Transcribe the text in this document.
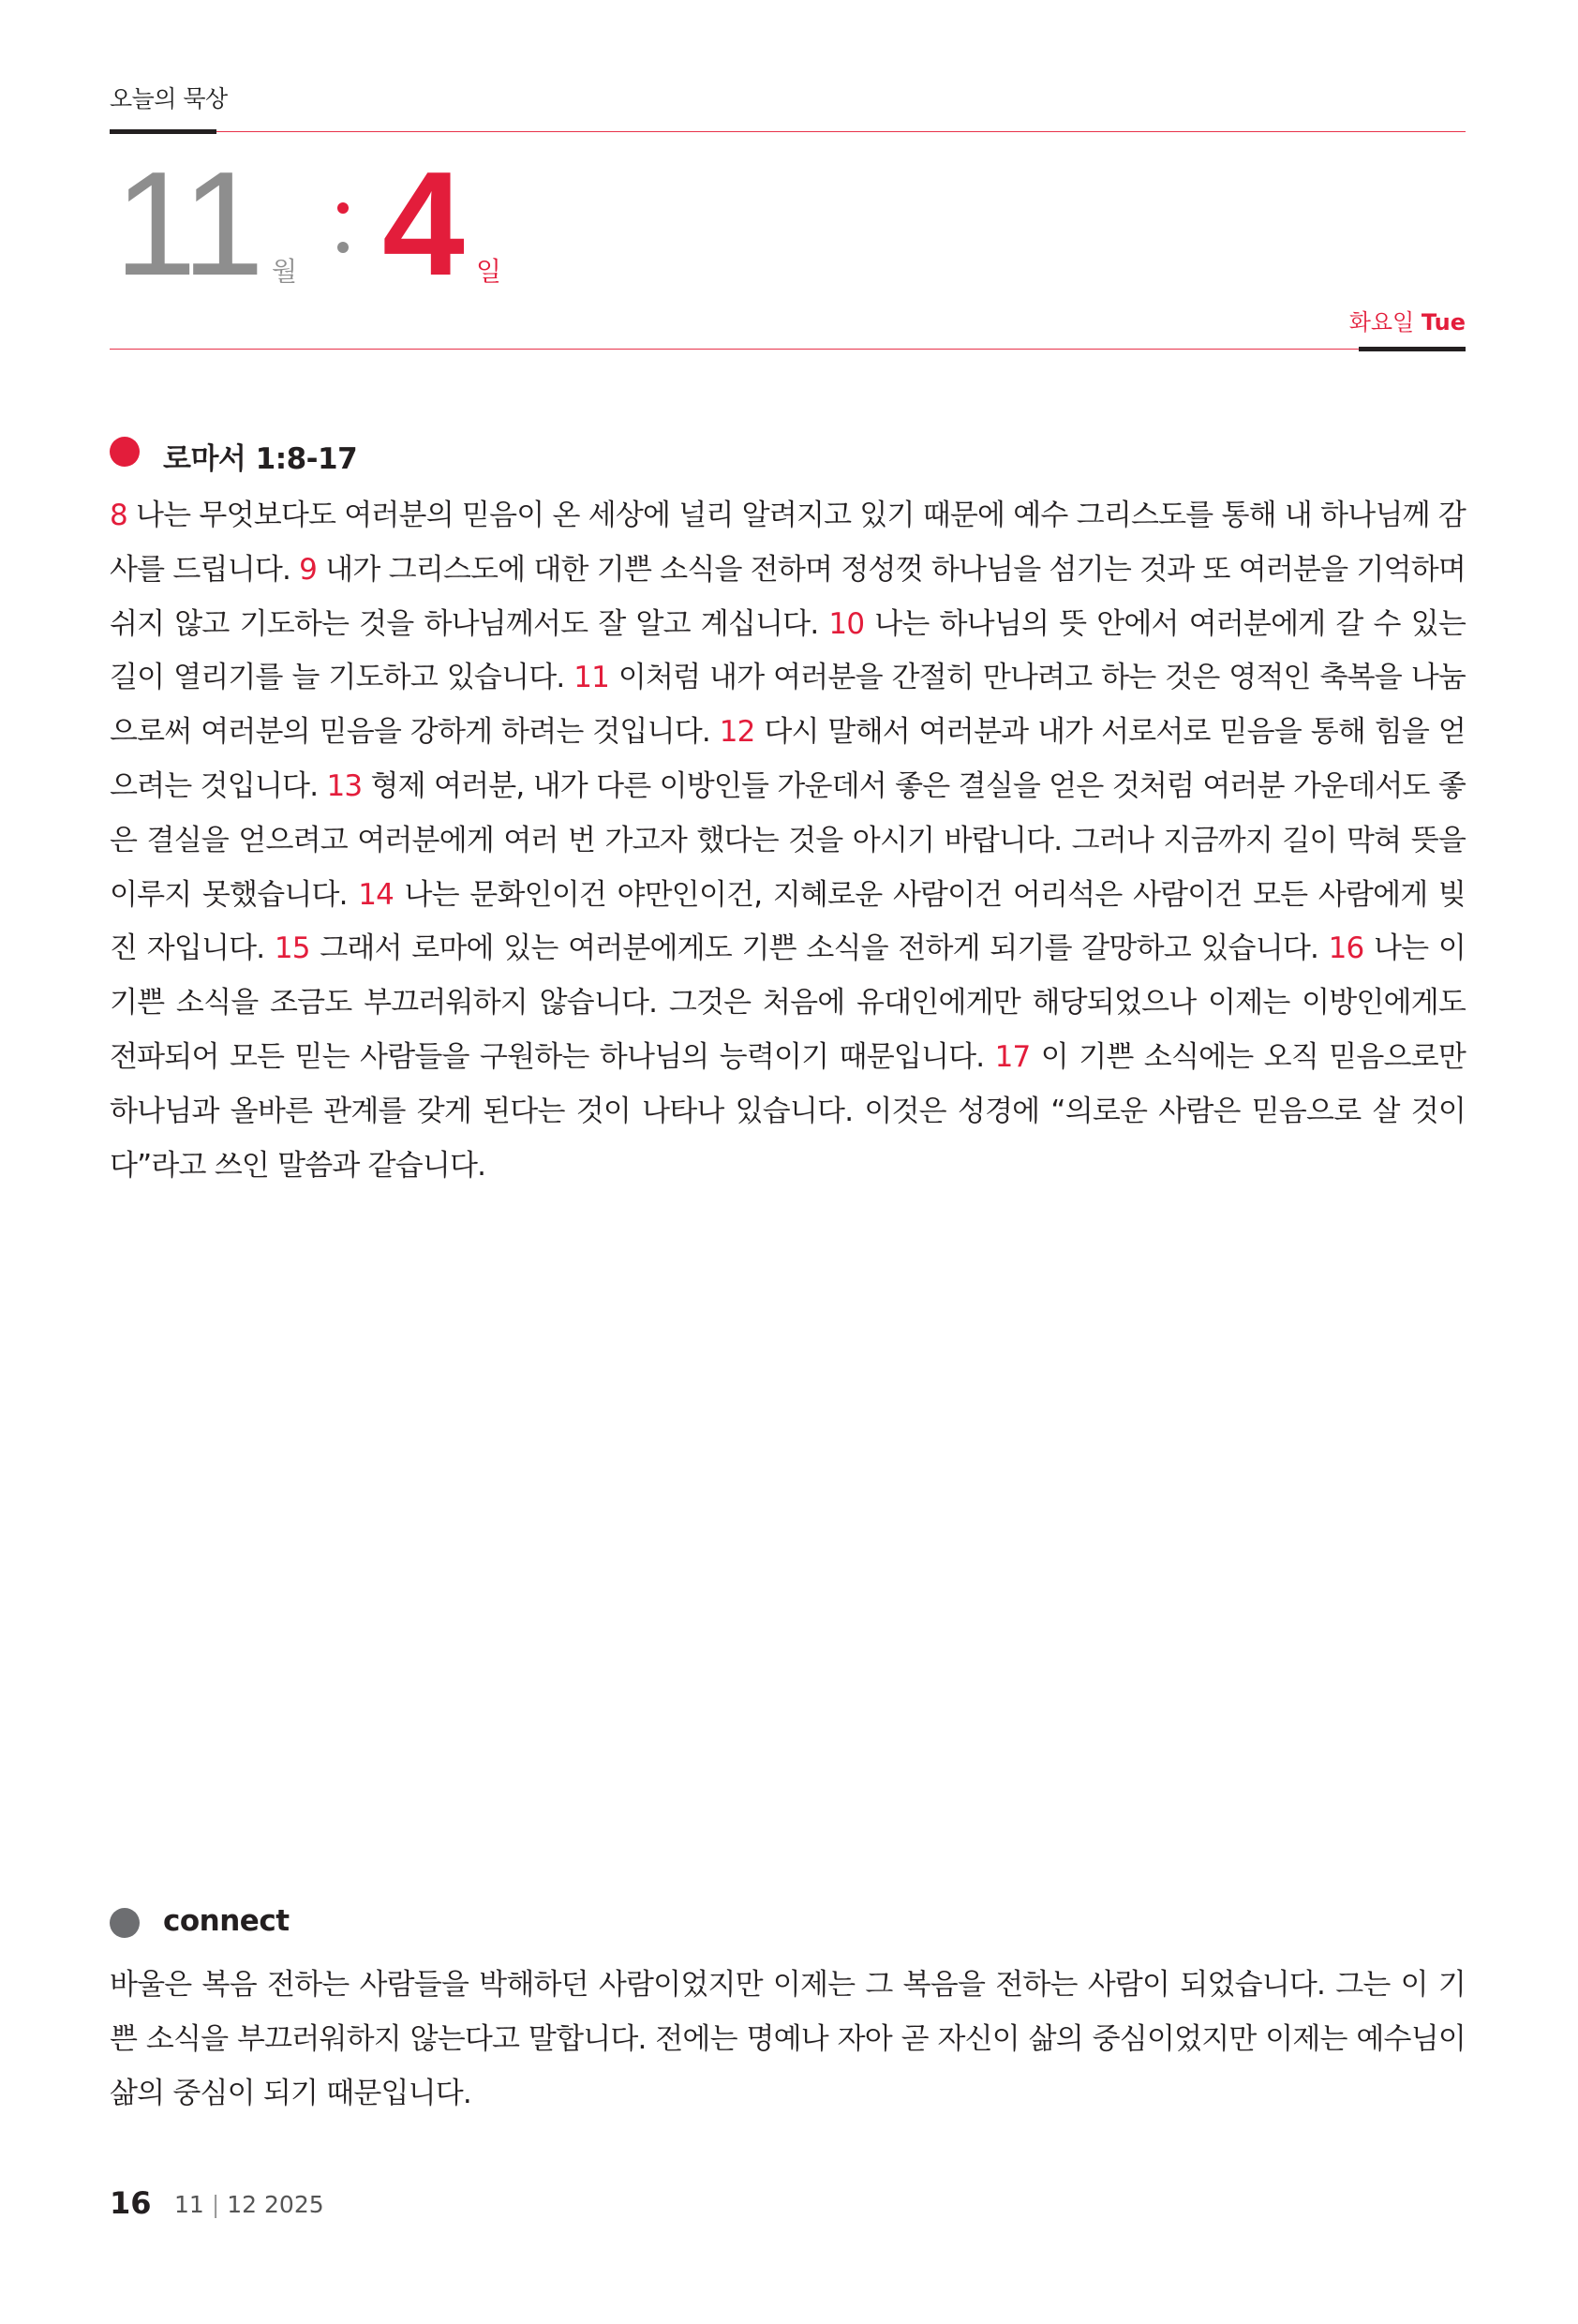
오늘의 묵상
11 월 4 일
화요일 Tue
로마서 1:8-17

8 나는 무엇보다도 여러분의 믿음이 온 세상에 널리 알려지고 있기 때문에 예수 그리스도를 통해 내 하나님께 감사를 드립니다. 9 내가 그리스도에 대한 기쁜 소식을 전하며 정성껏 하나님을 섬기는 것과 또 여러분을 기억하며 쉬지 않고 기도하는 것을 하나님께서도 잘 알고 계십니다. 10 나는 하나님의 뜻 안에서 여러분에게 갈 수 있는 길이 열리기를 늘 기도하고 있습니다. 11 이처럼 내가 여러분을 간절히 만나려고 하는 것은 영적인 축복을 나눔으로써 여러분의 믿음을 강하게 하려는 것입니다. 12 다시 말해서 여러분과 내가 서로서로 믿음을 통해 힘을 얻으려는 것입니다. 13 형제 여러분, 내가 다른 이방인들 가운데서 좋은 결실을 얻은 것처럼 여러분 가운데서도 좋은 결실을 얻으려고 여러분에게 여러 번 가고자 했다는 것을 아시기 바랍니다. 그러나 지금까지 길이 막혀 뜻을 이루지 못했습니다. 14 나는 문화인이건 야만인이건, 지혜로운 사람이건 어리석은 사람이건 모든 사람에게 빚진 자입니다. 15 그래서 로마에 있는 여러분에게도 기쁜 소식을 전하게 되기를 갈망하고 있습니다. 16 나는 이 기쁜 소식을 조금도 부끄러워하지 않습니다. 그것은 처음에 유대인에게만 해당되었으나 이제는 이방인에게도 전파되어 모든 믿는 사람들을 구원하는 하나님의 능력이기 때문입니다. 17 이 기쁜 소식에는 오직 믿음으로만 하나님과 올바른 관계를 갖게 된다는 것이 나타나 있습니다. 이것은 성경에 “의로운 사람은 믿음으로 살 것이다”라고 쓰인 말씀과 같습니다.

connect

바울은 복음 전하는 사람들을 박해하던 사람이었지만 이제는 그 복음을 전하는 사람이 되었습니다. 그는 이 기쁜 소식을 부끄러워하지 않는다고 말합니다. 전에는 명예나 자아 곧 자신이 삶의 중심이었지만 이제는 예수님이 삶의 중심이 되기 때문입니다.

16 11 | 12 2025
